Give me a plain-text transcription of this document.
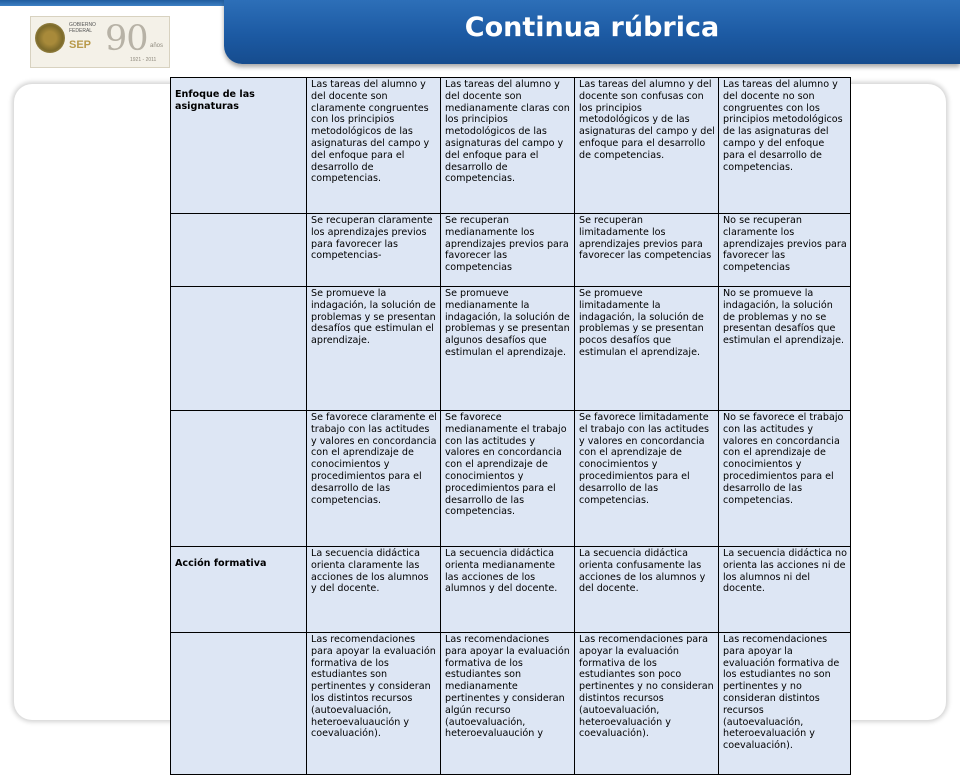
GOBIERNO FEDERAL
SEP 90 años
1921 - 2011
Continua rúbrica
Enfoque de las asignaturas	Las tareas del alumno y del docente son claramente congruentes con los principios metodológicos de las asignaturas del campo y del enfoque para el desarrollo de competencias.	Las tareas del alumno y del docente son medianamente claras con los principios metodológicos de las asignaturas del campo y del enfoque para el desarrollo de competencias.	Las tareas del alumno y del docente son confusas con los principios metodológicos y de las asignaturas del campo y del enfoque para el desarrollo de competencias.	Las tareas del alumno y del docente no son congruentes con los principios metodológicos de las asignaturas del campo y del enfoque para el desarrollo de competencias.
	Se recuperan claramente los aprendizajes previos para favorecer las competencias-	Se recuperan medianamente los aprendizajes previos para favorecer las competencias	Se recuperan limitadamente los aprendizajes previos para favorecer las competencias	No se recuperan claramente los aprendizajes previos para favorecer las competencias
	Se promueve la indagación, la solución de problemas y se presentan desafíos que estimulan el aprendizaje.	Se promueve medianamente la indagación, la solución de problemas y se presentan algunos desafíos que estimulan el aprendizaje.	Se promueve limitadamente la indagación, la solución de problemas y se presentan pocos desafíos que estimulan el aprendizaje.	No se promueve la indagación, la solución de problemas y no se presentan desafíos que estimulan el aprendizaje.
	Se favorece claramente el trabajo con las actitudes y valores en concordancia con el aprendizaje de conocimientos y procedimientos para el desarrollo de las competencias.	Se favorece medianamente el trabajo con las actitudes y valores en concordancia con el aprendizaje de conocimientos y procedimientos para el desarrollo de las competencias.	Se favorece limitadamente el trabajo con las actitudes y valores en concordancia con el aprendizaje de conocimientos y procedimientos para el desarrollo de las competencias.	No se favorece el trabajo con las actitudes y valores en concordancia con el aprendizaje de conocimientos y procedimientos para el desarrollo de las competencias.
Acción formativa	La secuencia didáctica orienta claramente las acciones de los alumnos y del docente.	La secuencia didáctica orienta medianamente las acciones de los alumnos y del docente.	La secuencia didáctica orienta confusamente las acciones de los alumnos y del docente.	La secuencia didáctica no orienta las acciones ni de los alumnos ni del docente.
	Las recomendaciones para apoyar la evaluación formativa de los estudiantes son pertinentes y consideran los distintos recursos (autoevaluación, heteroevaluaución y coevaluación).	Las recomendaciones para apoyar la evaluación formativa de los estudiantes son medianamente pertinentes y consideran algún recurso (autoevaluación, heteroevaluaución y	Las recomendaciones para apoyar la evaluación formativa de los estudiantes son poco pertinentes y no consideran distintos recursos (autoevaluación, heteroevaluación y coevaluación).	Las recomendaciones para apoyar la evaluación formativa de los estudiantes no son pertinentes y no consideran distintos recursos (autoevaluación, heteroevaluación y coevaluación).
